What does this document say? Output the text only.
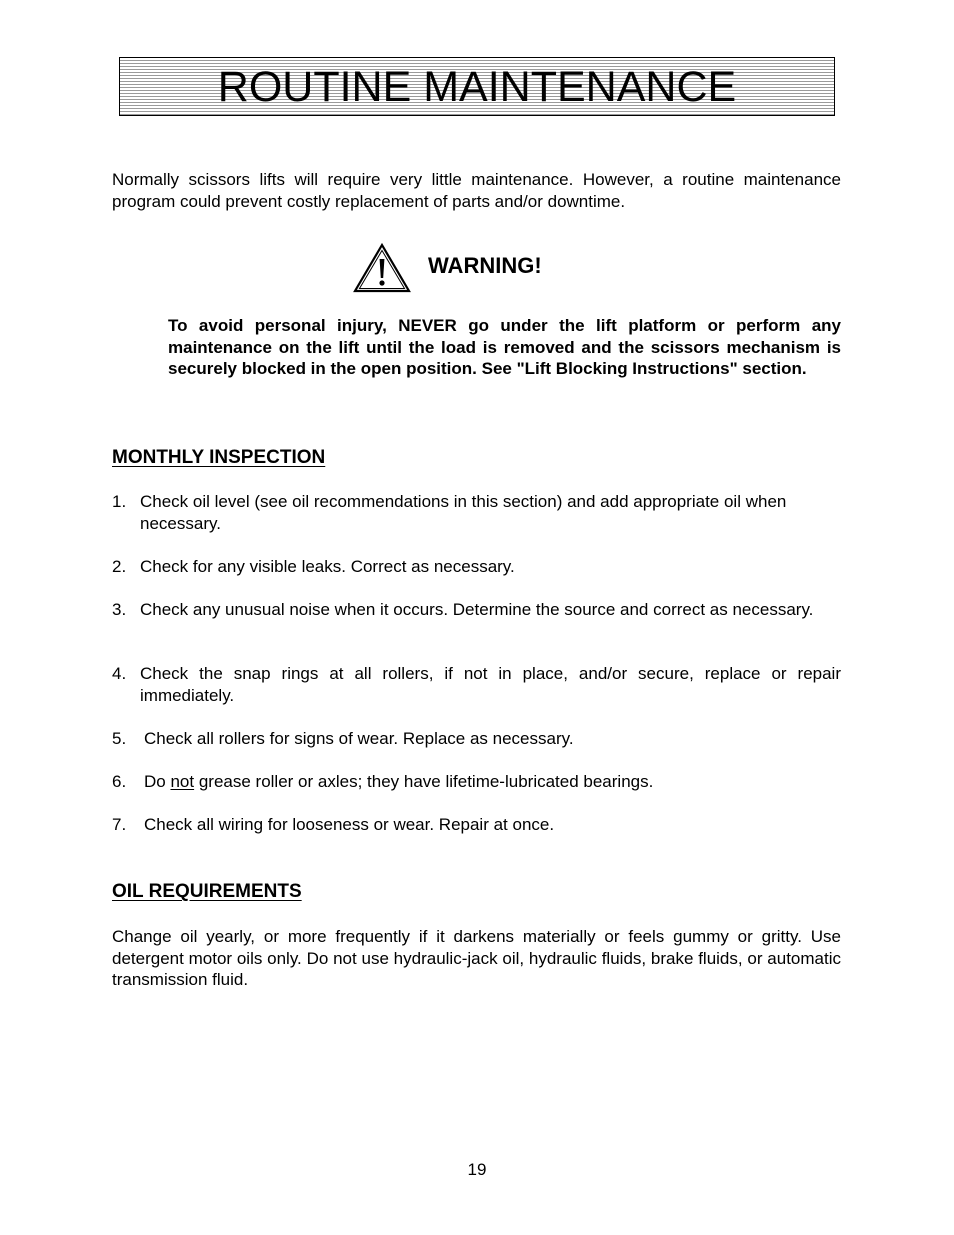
ROUTINE MAINTENANCE

Normally scissors lifts will require very little maintenance. However, a routine maintenance program could prevent costly replacement of parts and/or downtime.

WARNING!

To avoid personal injury, NEVER go under the lift platform or perform any maintenance on the lift until the load is removed and the scissors mechanism is securely blocked in the open position. See "Lift Blocking Instructions" section.

MONTHLY INSPECTION
1. Check oil level (see oil recommendations in this section) and add appropriate oil when necessary.
2. Check for any visible leaks. Correct as necessary.
3. Check any unusual noise when it occurs. Determine the source and correct as necessary.
4. Check the snap rings at all rollers, if not in place, and/or secure, replace or repair immediately.
5.	Check all rollers for signs of wear. Replace as necessary.
6.	Do not grease roller or axles; they have lifetime-lubricated bearings.
7.	Check all wiring for looseness or wear. Repair at once.
OIL REQUIREMENTS

Change oil yearly, or more frequently if it darkens materially or feels gummy or gritty. Use detergent motor oils only. Do not use hydraulic-jack oil, hydraulic fluids, brake fluids, or automatic transmission fluid.

19
